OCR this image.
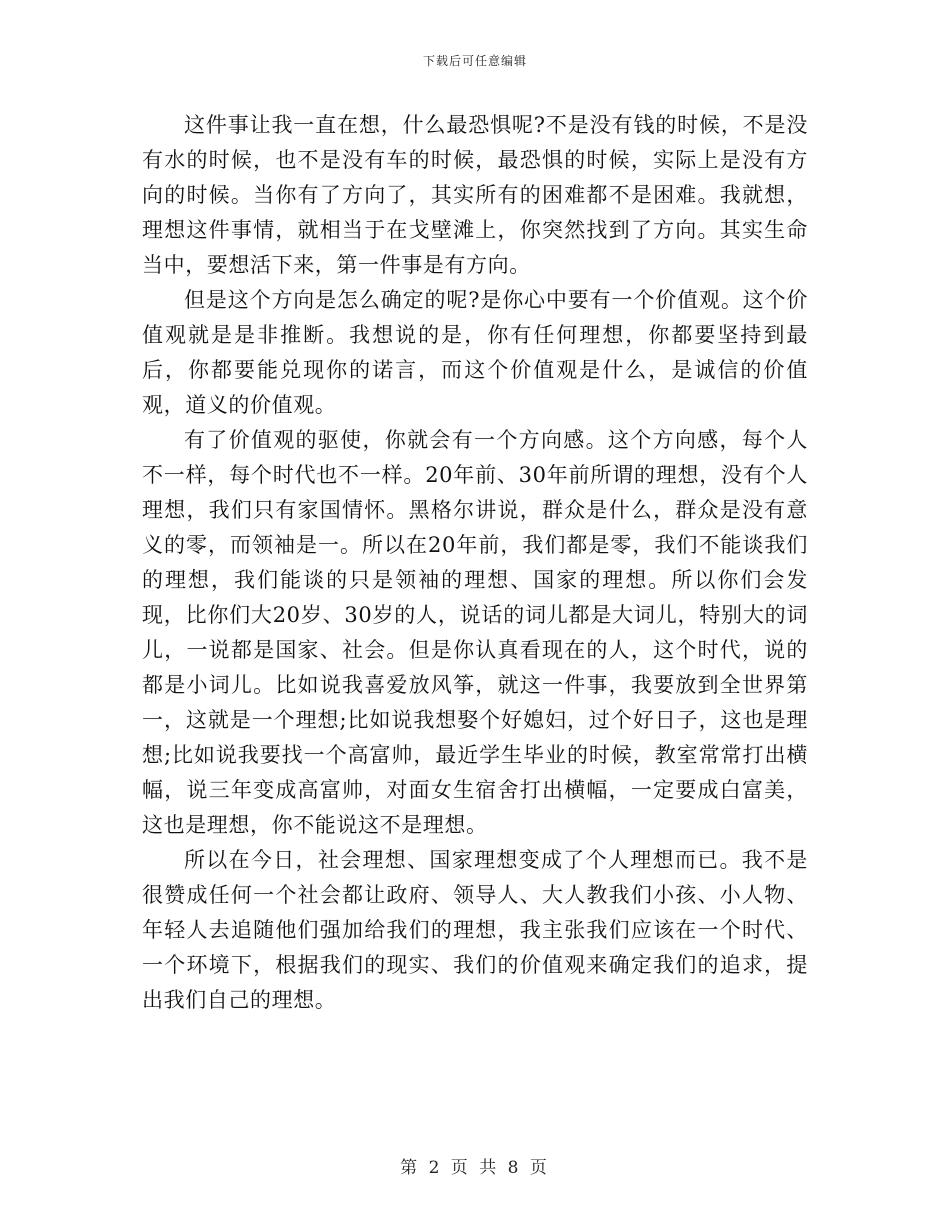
下载后可任意编辑

这件事让我一直在想，什么最恐惧呢?不是没有钱的时候，不是没有水的时候，也不是没有车的时候，最恐惧的时候，实际上是没有方向的时候。当你有了方向了，其实所有的困难都不是困难。我就想，理想这件事情，就相当于在戈壁滩上，你突然找到了方向。其实生命当中，要想活下来，第一件事是有方向。

但是这个方向是怎么确定的呢?是你心中要有一个价值观。这个价值观就是是非推断。我想说的是，你有任何理想，你都要坚持到最后，你都要能兑现你的诺言，而这个价值观是什么，是诚信的价值观，道义的价值观。

有了价值观的驱使，你就会有一个方向感。这个方向感，每个人不一样，每个时代也不一样。20年前、30年前所谓的理想，没有个人理想，我们只有家国情怀。黑格尔讲说，群众是什么，群众是没有意义的零，而领袖是一。所以在20年前，我们都是零，我们不能谈我们的理想，我们能谈的只是领袖的理想、国家的理想。所以你们会发现，比你们大20岁、30岁的人，说话的词儿都是大词儿，特别大的词儿，一说都是国家、社会。但是你认真看现在的人，这个时代，说的都是小词儿。比如说我喜爱放风筝，就这一件事，我要放到全世界第一，这就是一个理想;比如说我想娶个好媳妇，过个好日子，这也是理想;比如说我要找一个高富帅，最近学生毕业的时候，教室常常打出横幅，说三年变成高富帅，对面女生宿舍打出横幅，一定要成白富美，这也是理想，你不能说这不是理想。

所以在今日，社会理想、国家理想变成了个人理想而已。我不是很赞成任何一个社会都让政府、领导人、大人教我们小孩、小人物、年轻人去追随他们强加给我们的理想，我主张我们应该在一个时代、一个环境下，根据我们的现实、我们的价值观来确定我们的追求，提出我们自己的理想。

第 2 页 共 8 页
